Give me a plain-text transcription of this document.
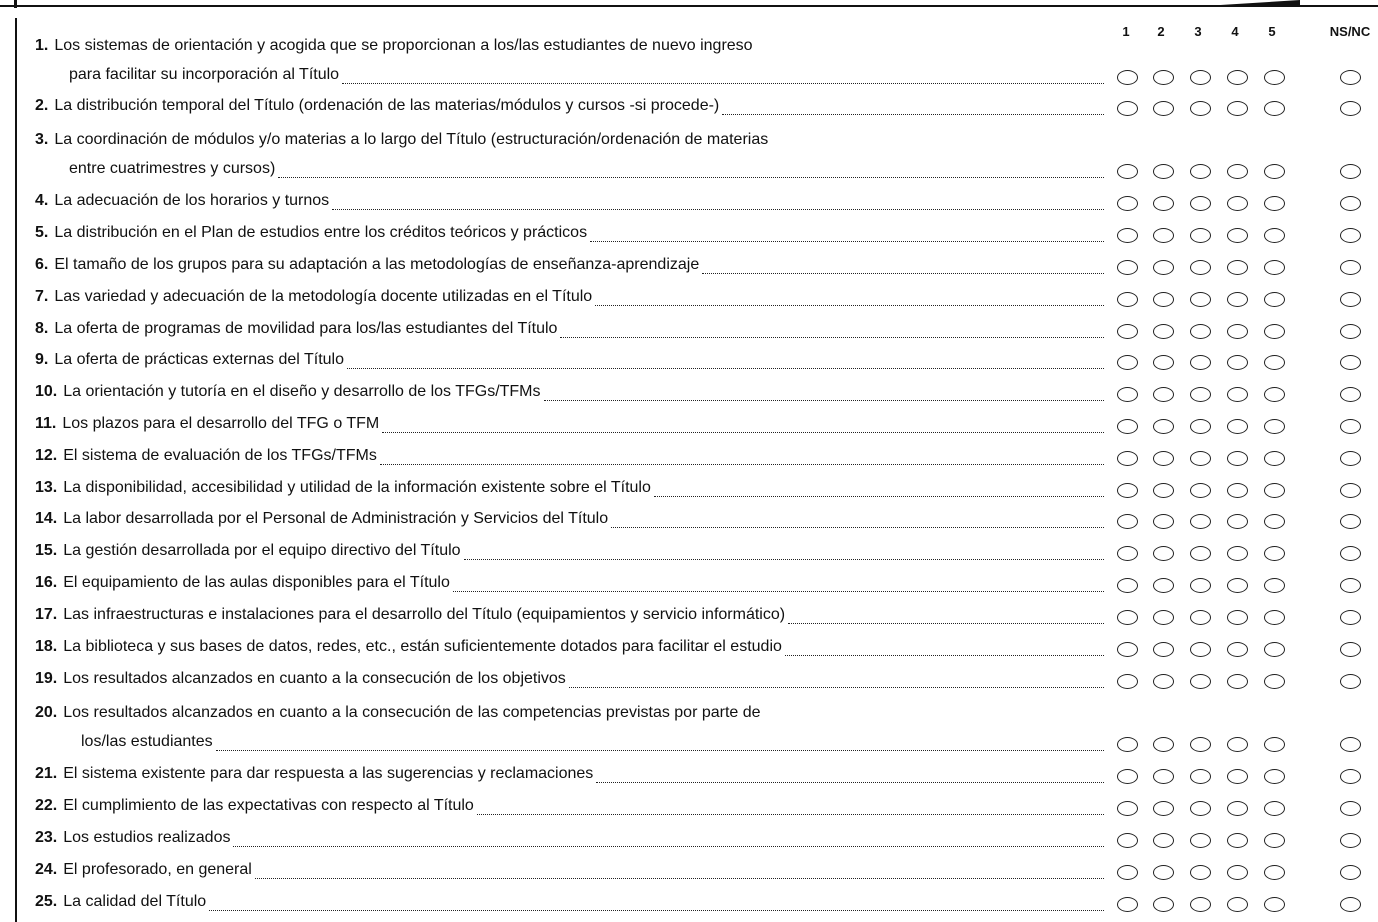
1	2	3	4	5	NS/NC
1. Los sistemas de orientación y acogida que se proporcionan a los/las estudiantes de nuevo ingreso
para facilitar su incorporación al Título
2. La distribución temporal del Título (ordenación de las materias/módulos y cursos -si procede-)
3. La coordinación de módulos y/o materias a lo largo del Título (estructuración/ordenación de materias
entre cuatrimestres y cursos)
4. La adecuación de los horarios y turnos
5. La distribución en el Plan de estudios entre los créditos teóricos y prácticos
6. El tamaño de los grupos para su adaptación a las metodologías de enseñanza-aprendizaje
7. Las variedad y adecuación de la metodología docente utilizadas en el Título
8. La oferta de programas de movilidad para los/las estudiantes del Título
9. La oferta de prácticas externas del Título
10. La orientación y tutoría en el diseño y desarrollo de los TFGs/TFMs
11. Los plazos para el desarrollo del TFG o TFM
12. El sistema de evaluación de los TFGs/TFMs
13. La disponibilidad, accesibilidad y utilidad de la información existente sobre el Título
14. La labor desarrollada por el Personal de Administración y Servicios del Título
15. La gestión desarrollada por el equipo directivo del Título
16. El equipamiento de las aulas disponibles para el Título
17. Las infraestructuras e instalaciones para el desarrollo del Título (equipamientos y servicio informático)
18. La biblioteca y sus bases de datos, redes, etc., están suficientemente dotados para facilitar el estudio
19. Los resultados alcanzados en cuanto a la consecución de los objetivos
20. Los resultados alcanzados en cuanto a la consecución de las competencias previstas por parte de
los/las estudiantes
21. El sistema existente para dar respuesta a las sugerencias y reclamaciones
22. El cumplimiento de las expectativas con respecto al Título
23. Los estudios realizados
24. El profesorado, en general
25. La calidad del Título
